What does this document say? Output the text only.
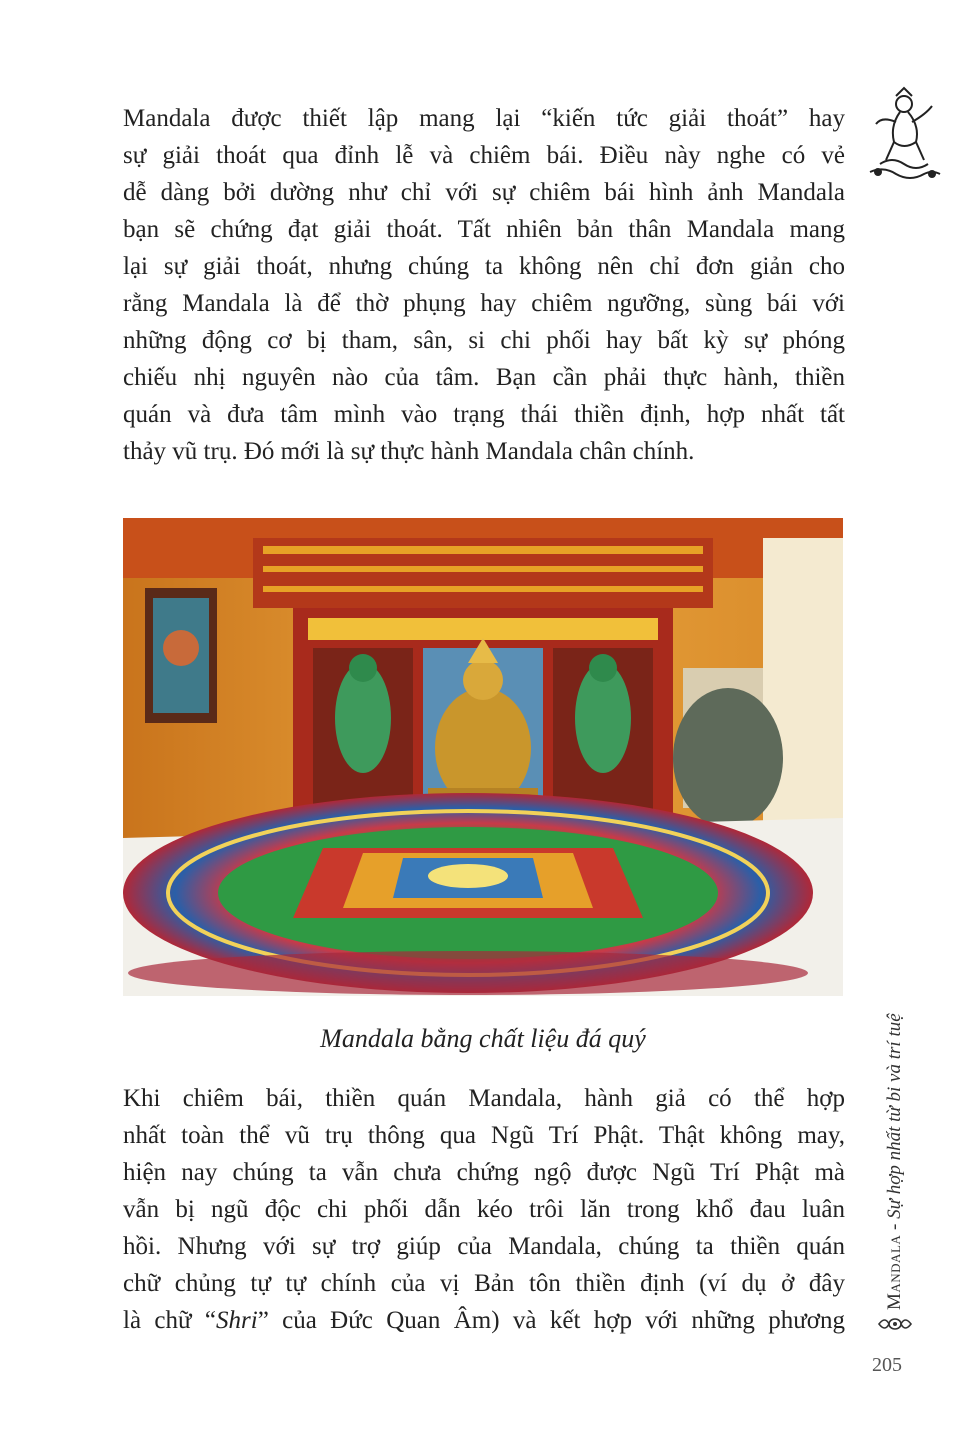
Mandala được thiết lập mang lại “kiến tức giải thoát” hay
sự giải thoát qua đỉnh lễ và chiêm bái. Điều này nghe có vẻ
dễ dàng bởi dường như chỉ với sự chiêm bái hình ảnh Mandala
bạn sẽ chứng đạt giải thoát. Tất nhiên bản thân Mandala mang
lại sự giải thoát, nhưng chúng ta không nên chỉ đơn giản cho
rằng Mandala là để thờ phụng hay chiêm ngưỡng, sùng bái với
những động cơ bị tham, sân, si chi phối hay bất kỳ sự phóng
chiếu nhị nguyên nào của tâm. Bạn cần phải thực hành, thiền
quán và đưa tâm mình vào trạng thái thiền định, hợp nhất tất
thảy vũ trụ. Đó mới là sự thực hành Mandala chân chính.
Mandala bằng chất liệu đá quý
Khi chiêm bái, thiền quán Mandala, hành giả có thể hợp
nhất toàn thể vũ trụ thông qua Ngũ Trí Phật. Thật không may,
hiện nay chúng ta vẫn chưa chứng ngộ được Ngũ Trí Phật mà
vẫn bị ngũ độc chi phối dẫn kéo trôi lăn trong khổ đau luân
hồi. Nhưng với sự trợ giúp của Mandala, chúng ta thiền quán
chữ chủng tự tự chính của vị Bản tôn thiền định (ví dụ ở đây
là chữ “Shri” của Đức Quan Âm) và kết hợp với những phương
Mandala - Sự hợp nhất từ bi và trí tuệ
205
